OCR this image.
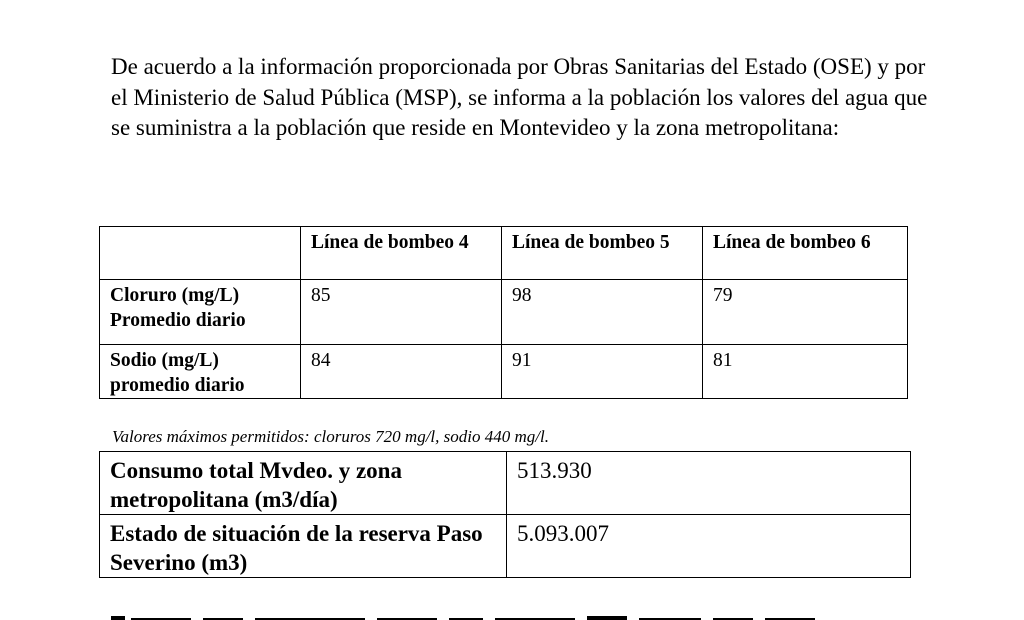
De acuerdo a la información proporcionada por Obras Sanitarias del Estado (OSE) y por el Ministerio de Salud Pública (MSP), se informa a la población los valores del agua que se suministra a la población que reside en Montevideo y la zona metropolitana:

	Línea de bombeo 4	Línea de bombeo 5	Línea de bombeo 6
Cloruro (mg/L) Promedio diario	85	98	79
Sodio (mg/L) promedio diario	84	91	81

Valores máximos permitidos: cloruros 720 mg/l, sodio 440 mg/l.

Consumo total Mvdeo. y zona metropolitana (m3/día)	513.930
Estado de situación de la reserva Paso Severino (m3)	5.093.007
